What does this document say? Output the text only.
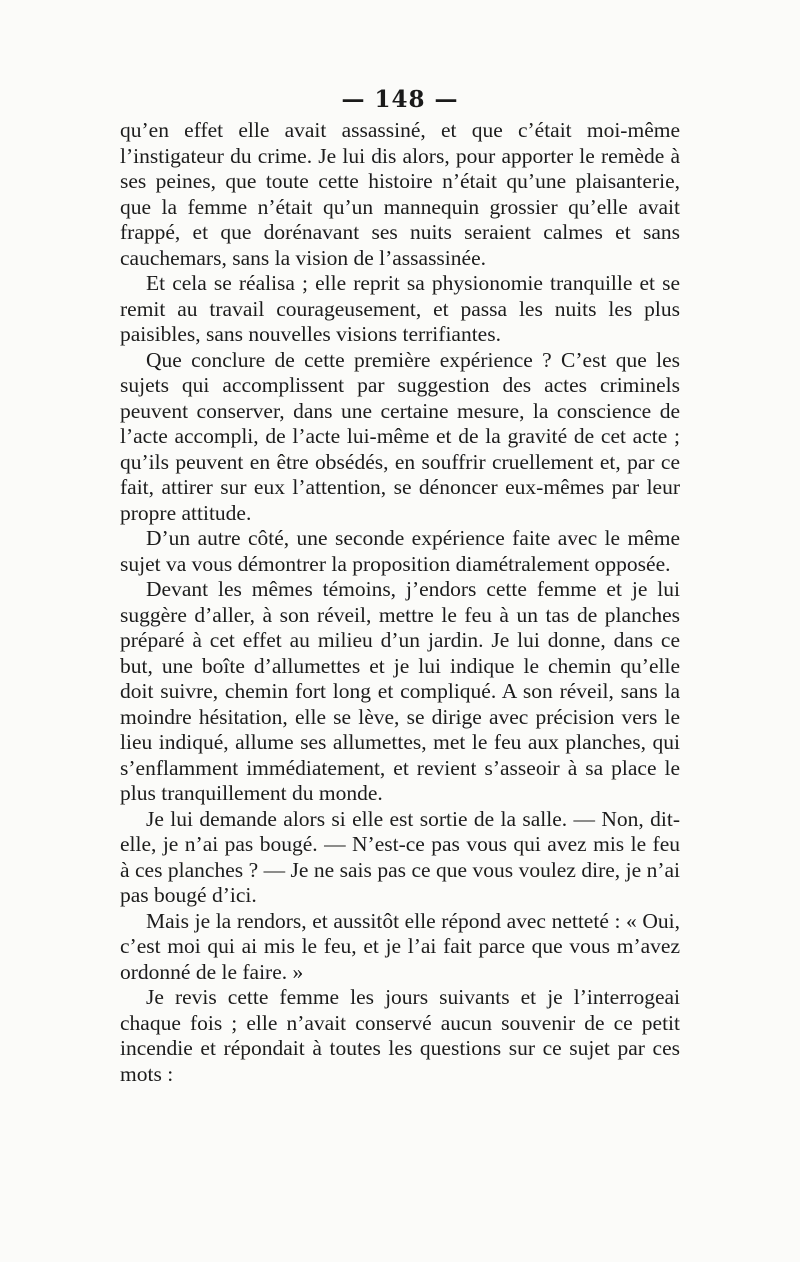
— 148 —

qu’en effet elle avait assassiné, et que c’était moi-même l’instigateur du crime. Je lui dis alors, pour apporter le remède à ses peines, que toute cette histoire n’était qu’une plaisanterie, que la femme n’était qu’un mannequin grossier qu’elle avait frappé, et que dorénavant ses nuits seraient calmes et sans cauchemars, sans la vision de l’assassinée.

Et cela se réalisa ; elle reprit sa physionomie tranquille et se remit au travail courageusement, et passa les nuits les plus paisibles, sans nouvelles visions terrifiantes.

Que conclure de cette première expérience ? C’est que les sujets qui accomplissent par suggestion des actes criminels peuvent conserver, dans une certaine mesure, la conscience de l’acte accompli, de l’acte lui-même et de la gravité de cet acte ; qu’ils peuvent en être obsédés, en souffrir cruellement et, par ce fait, attirer sur eux l’attention, se dénoncer eux-mêmes par leur propre attitude.

D’un autre côté, une seconde expérience faite avec le même sujet va vous démontrer la proposition diamétralement opposée.

Devant les mêmes témoins, j’endors cette femme et je lui suggère d’aller, à son réveil, mettre le feu à un tas de planches préparé à cet effet au milieu d’un jardin. Je lui donne, dans ce but, une boîte d’allumettes et je lui indique le chemin qu’elle doit suivre, chemin fort long et compliqué. A son réveil, sans la moindre hésitation, elle se lève, se dirige avec précision vers le lieu indiqué, allume ses allumettes, met le feu aux planches, qui s’enflamment immédiatement, et revient s’asseoir à sa place le plus tranquillement du monde.

Je lui demande alors si elle est sortie de la salle. — Non, dit-elle, je n’ai pas bougé. — N’est-ce pas vous qui avez mis le feu à ces planches ? — Je ne sais pas ce que vous voulez dire, je n’ai pas bougé d’ici.

Mais je la rendors, et aussitôt elle répond avec netteté : « Oui, c’est moi qui ai mis le feu, et je l’ai fait parce que vous m’avez ordonné de le faire. »

Je revis cette femme les jours suivants et je l’interrogeai chaque fois ; elle n’avait conservé aucun souvenir de ce petit incendie et répondait à toutes les questions sur ce sujet par ces mots :
